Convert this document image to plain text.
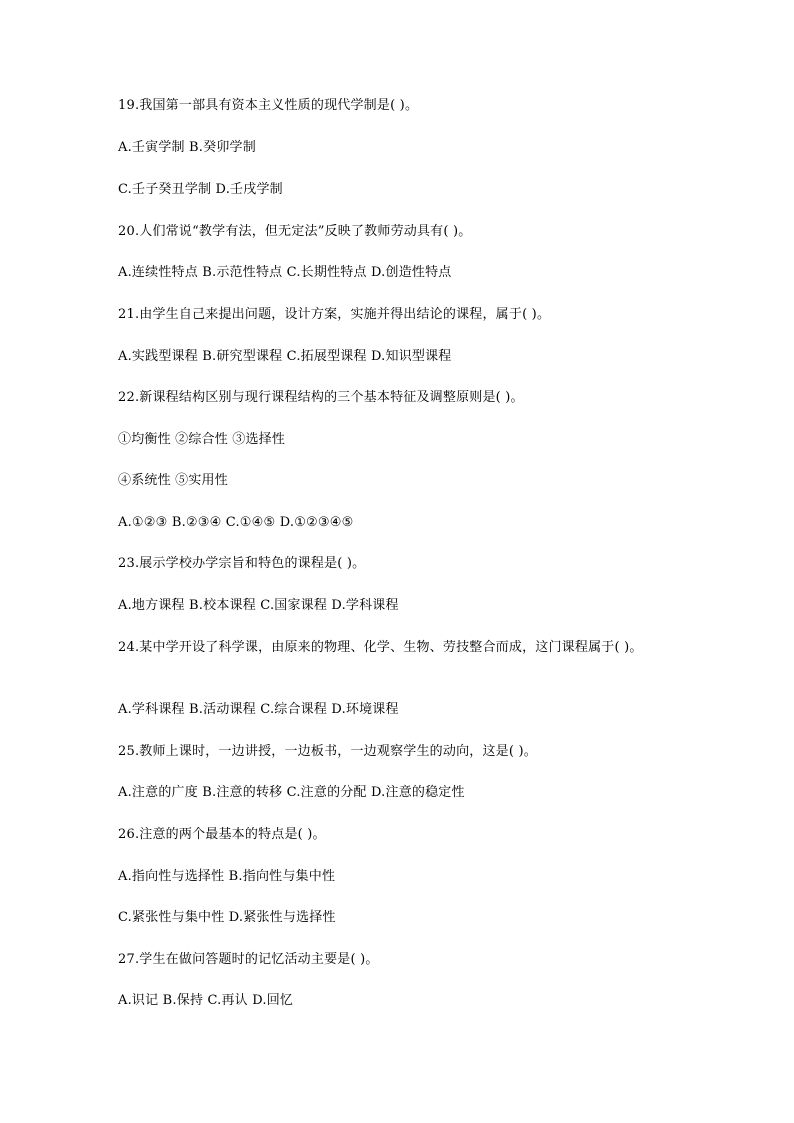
19.我国第一部具有资本主义性质的现代学制是( )。
A.壬寅学制 B.癸卯学制
C.壬子癸丑学制 D.壬戌学制
20.人们常说“教学有法，但无定法”反映了教师劳动具有( )。
A.连续性特点 B.示范性特点 C.长期性特点 D.创造性特点
21.由学生自己来提出问题，设计方案，实施并得出结论的课程，属于( )。
A.实践型课程 B.研究型课程 C.拓展型课程 D.知识型课程
22.新课程结构区别与现行课程结构的三个基本特征及调整原则是( )。
①均衡性 ②综合性 ③选择性
④系统性 ⑤实用性
A.①②③ B.②③④ C.①④⑤ D.①②③④⑤
23.展示学校办学宗旨和特色的课程是( )。
A.地方课程 B.校本课程 C.国家课程 D.学科课程
24.某中学开设了科学课，由原来的物理、化学、生物、劳技整合而成，这门课程属于( )。
A.学科课程 B.活动课程 C.综合课程 D.环境课程
25.教师上课时，一边讲授，一边板书，一边观察学生的动向，这是( )。
A.注意的广度 B.注意的转移 C.注意的分配 D.注意的稳定性
26.注意的两个最基本的特点是( )。
A.指向性与选择性 B.指向性与集中性
C.紧张性与集中性 D.紧张性与选择性
27.学生在做问答题时的记忆活动主要是( )。
A.识记 B.保持 C.再认 D.回忆
